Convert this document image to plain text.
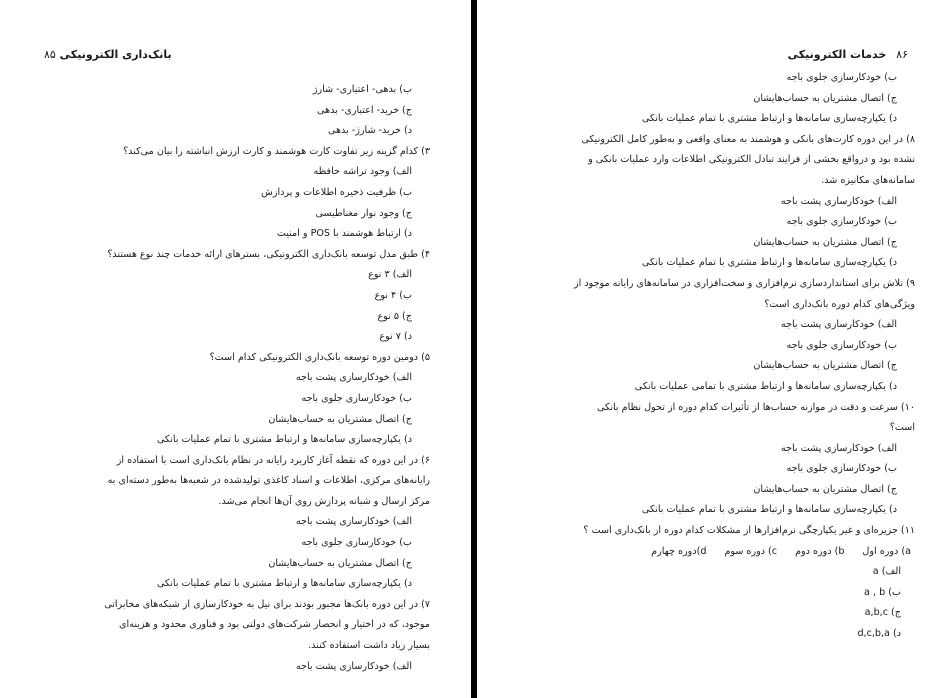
بانک‌داری الکترونیکی ۸۵
ب) بدهی- اعتباری- شارژ
ج) خرید- اعتباری- بدهی
د) خرید- شارژ- بدهی
۳) کدام گزینه زیر تفاوت کارت هوشمند و کارت ارزش انباشته را بیان می‌کند؟
الف) وجود تراشه حافظه
ب) ظرفیت ذخیره اطلاعات و پردازش
ج) وجود نوار مغناطیسی
د) ارتباط هوشمند با POS و امنیت
۴) طبق مدل توسعه بانک‌داری الکترونیکی، بسترهای ارائه خدمات چند نوع هستند؟
الف) ۳ نوع
ب) ۴ نوع
ج) ۵ نوع
د) ۷ نوع
۵) دومین دوره توسعه بانک‌داری الکترونیکی کدام است؟
الف) خودکارسازی پشت باجه
ب) خودکارسازی جلوی باجه
ج) اتصال مشتریان به حساب‌هایشان
د) یکپارچه‌سازی سامانه‌ها و ارتباط مشتری با تمام عملیات بانکی
۶) در این دوره که نقطه آغاز کاربرد رایانه در نظام بانک‌داری است با استفاده از
رایانه‌های مرکزی، اطلاعات و اسناد کاغذی تولیدشده در شعبه‌ها به‌طور دسته‌ای به
مرکز ارسال و شبانه پردازش روی آن‌ها انجام می‌شد.
الف) خودکارسازی پشت باجه
ب) خودکارسازی جلوی باجه
ج) اتصال مشتریان به حساب‌هایشان
د) یکپارچه‌سازی سامانه‌ها و ارتباط مشتری با تمام عملیات بانکی
۷) در این دوره بانک‌ها مجبور بودند برای نیل به خودکارسازی از شبکه‌های مخابراتی
موجود، که در اختیار و انحصار شرکت‌های دولتی بود و فناوری محدود و هزینه‌ای
بسیار زیاد داشت استفاده کنند.
الف) خودکارسازی پشت باجه
۸۶ خدمات الکترونیکی
ب) خودکارسازی جلوی باجه
ج) اتصال مشتریان به حساب‌هایشان
د) یکپارچه‌سازی سامانه‌ها و ارتباط مشتری با تمام عملیات بانکی
۸) در این دوره کارت‌های بانکی و هوشمند به معنای واقعی و به‌طور کامل الکترونیکی
نشده بود و درواقع بخشی از فرایند تبادل الکترونیکی اطلاعات وارد عملیات بانکی و
سامانه‌های مکانیزه شد.
الف) خودکارسازی پشت باجه
ب) خودکارسازی جلوی باجه
ج) اتصال مشتریان به حساب‌هایشان
د) یکپارچه‌سازی سامانه‌ها و ارتباط مشتری با تمام عملیات بانکی
۹) تلاش برای استانداردسازی نرم‌افزاری و سخت‌افزاری در سامانه‌های رایانه موجود از
ویژگی‌های کدام دوره بانک‌داری است؟
الف) خودکارسازی پشت باجه
ب) خودکارسازی جلوی باجه
ج) اتصال مشتریان به حساب‌هایشان
د) یکپارچه‌سازی سامانه‌ها و ارتباط مشتری با تمامی عملیات بانکی
۱۰) سرعت و دقت در موازنه حساب‌ها از تأثیرات کدام دوره از تحول نظام بانکی
است؟
الف) خودکارسازی پشت باجه
ب) خودکارسازی جلوی باجه
ج) اتصال مشتریان به حساب‌هایشان
د) یکپارچه‌سازی سامانه‌ها و ارتباط مشتری با تمام عملیات بانکی
۱۱) جزیره‌ای و غیر یکپارچگی نرم‌افزارها از مشکلات کدام دوره از بانک‌داری است ؟
d)دوره چهارم c) دوره سوم b) دوره دوم a) دوره اول
الف) a
ب) a , b
ج) a,b,c
د) d,c,b,a
